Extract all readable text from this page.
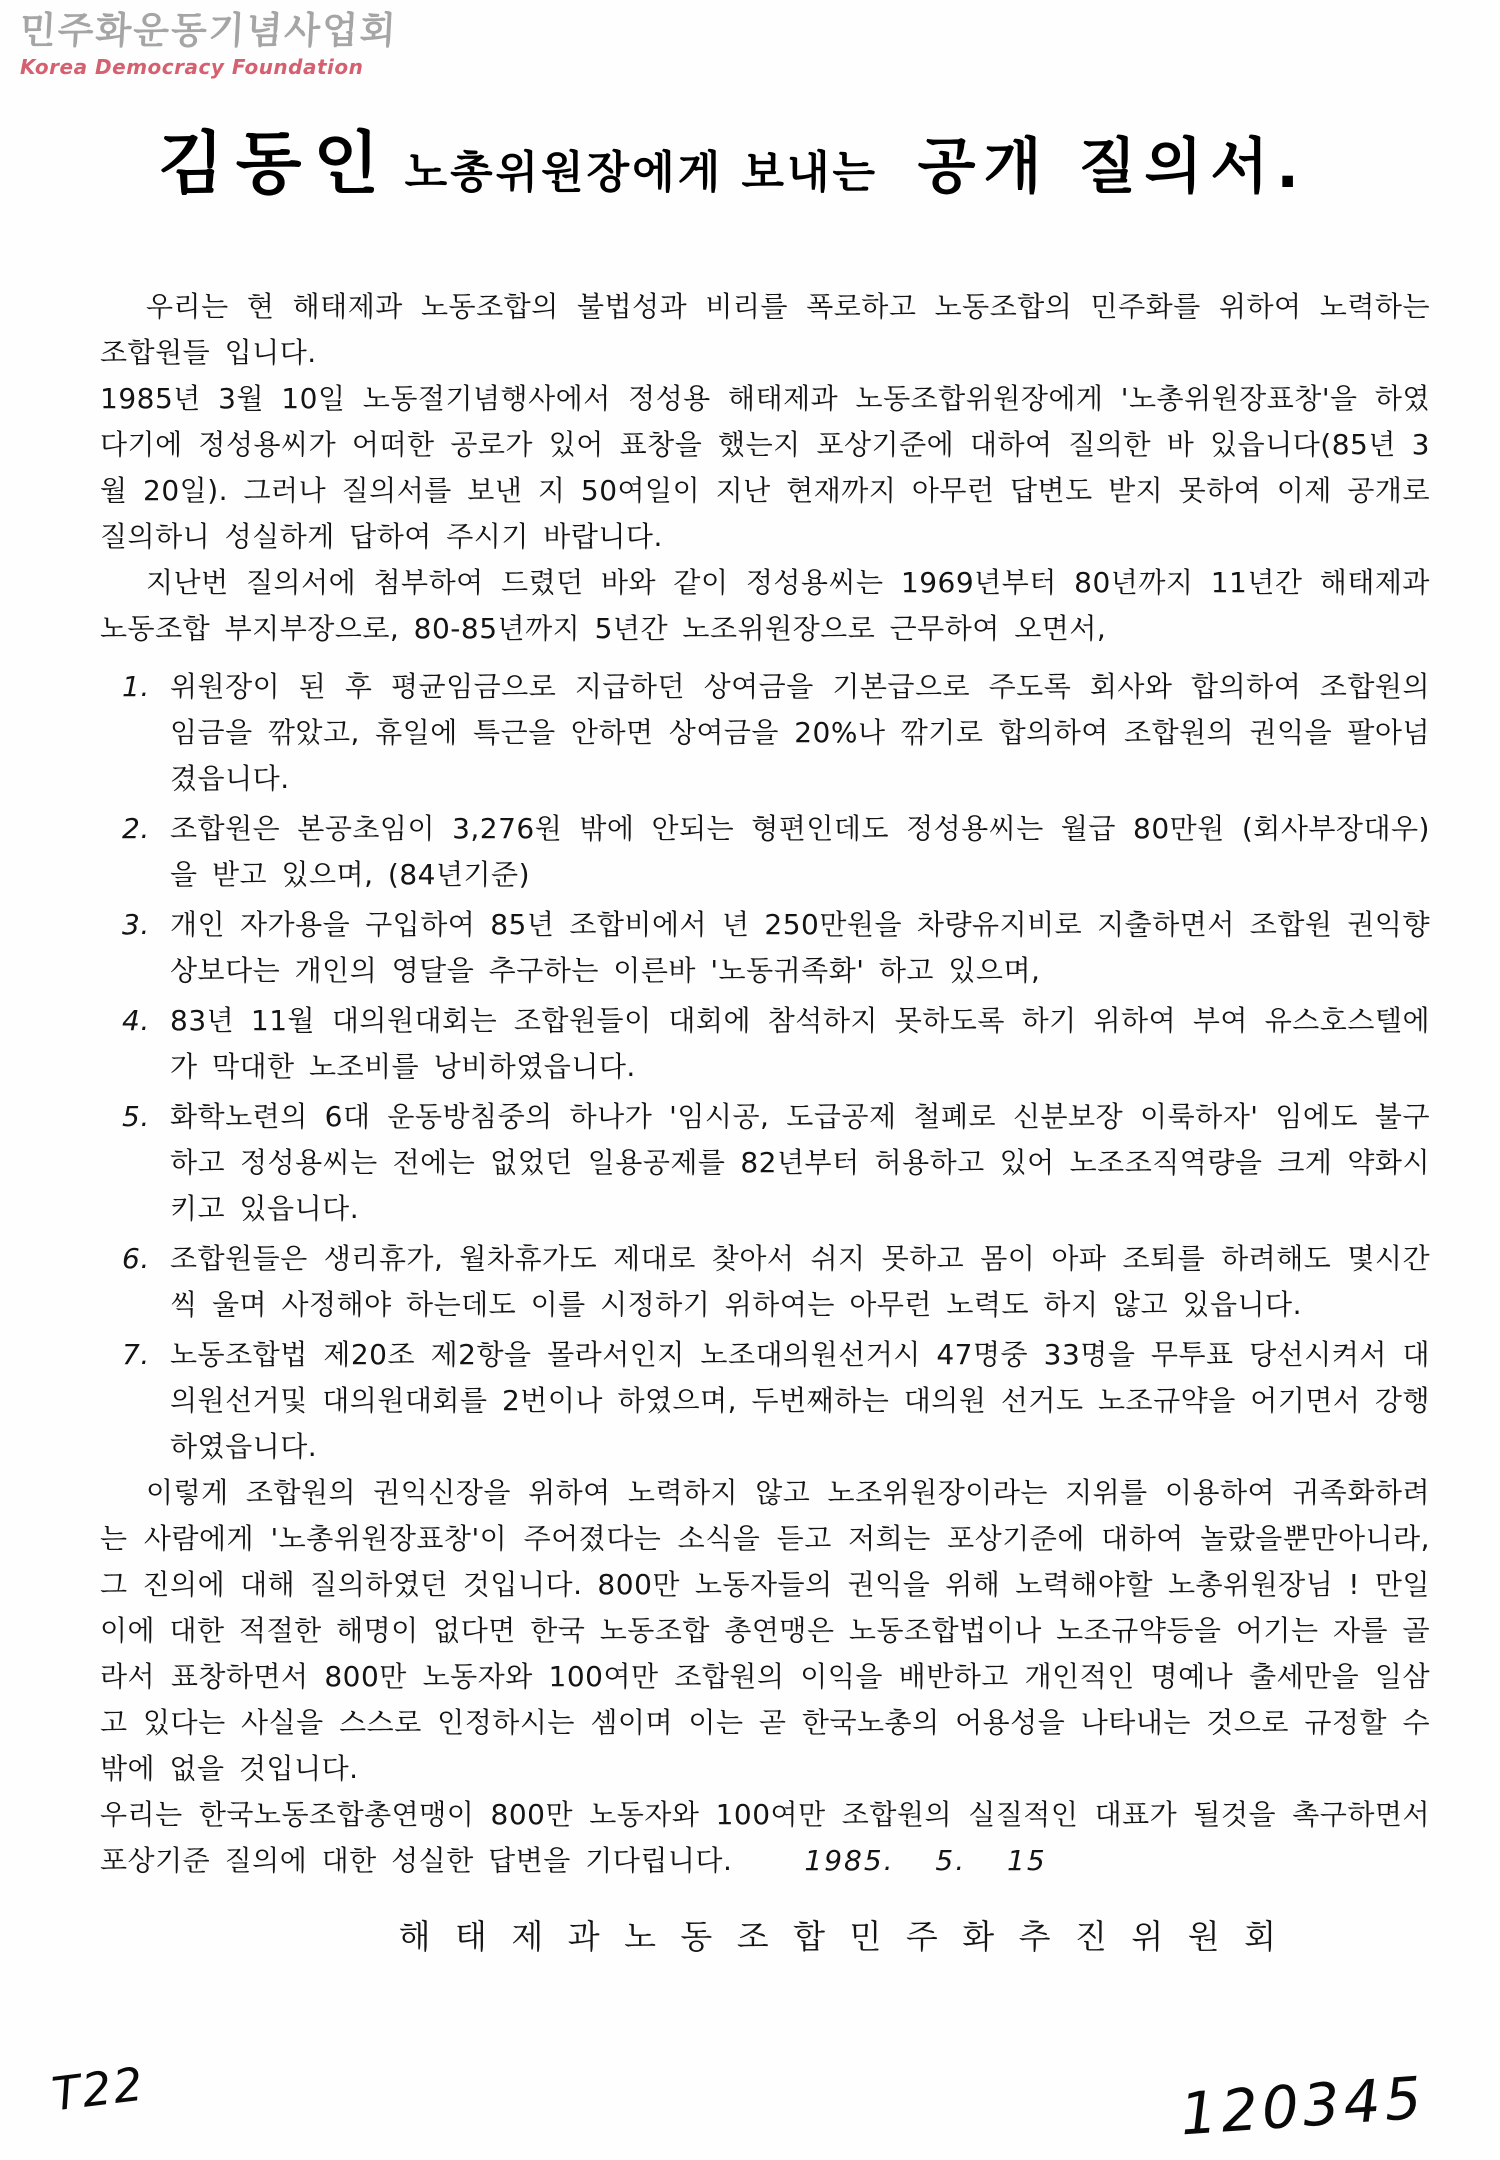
민주화운동기념사업회
Korea Democracy Foundation
김동인 노총위원장에게 보내는 공개 질의서.

우리는 현 해태제과 노동조합의 불법성과 비리를 폭로하고 노동조합의 민주화를 위하여 노력하는 조합원들 입니다.

1985년 3월 10일 노동절기념행사에서 정성용 해태제과 노동조합위원장에게 '노총위원장표창'을 하였다기에 정성용씨가 어떠한 공로가 있어 표창을 했는지 포상기준에 대하여 질의한 바 있읍니다(85년 3월 20일). 그러나 질의서를 보낸 지 50여일이 지난 현재까지 아무런 답변도 받지 못하여 이제 공개로 질의하니 성실하게 답하여 주시기 바랍니다.

지난번 질의서에 첨부하여 드렸던 바와 같이 정성용씨는 1969년부터 80년까지 11년간 해태제과 노동조합 부지부장으로, 80-85년까지 5년간 노조위원장으로 근무하여 오면서,

1. 위원장이 된 후 평균임금으로 지급하던 상여금을 기본급으로 주도록 회사와 합의하여 조합원의 임금을 깎았고, 휴일에 특근을 안하면 상여금을 20%나 깎기로 합의하여 조합원의 권익을 팔아넘겼읍니다.
2. 조합원은 본공초임이 3,276원 밖에 안되는 형편인데도 정성용씨는 월급 80만원 (회사부장대우)을 받고 있으며, (84년기준)
3. 개인 자가용을 구입하여 85년 조합비에서 년 250만원을 차량유지비로 지출하면서 조합원 권익향상보다는 개인의 영달을 추구하는 이른바 '노동귀족화' 하고 있으며,
4. 83년 11월 대의원대회는 조합원들이 대회에 참석하지 못하도록 하기 위하여 부여 유스호스텔에 가 막대한 노조비를 낭비하였읍니다.
5. 화학노련의 6대 운동방침중의 하나가 '임시공, 도급공제 철폐로 신분보장 이룩하자' 임에도 불구하고 정성용씨는 전에는 없었던 일용공제를 82년부터 허용하고 있어 노조조직역량을 크게 약화시키고 있읍니다.
6. 조합원들은 생리휴가, 월차휴가도 제대로 찾아서 쉬지 못하고 몸이 아파 조퇴를 하려해도 몇시간씩 울며 사정해야 하는데도 이를 시정하기 위하여는 아무런 노력도 하지 않고 있읍니다.
7. 노동조합법 제20조 제2항을 몰라서인지 노조대의원선거시 47명중 33명을 무투표 당선시켜서 대의원선거및 대의원대회를 2번이나 하였으며, 두번째하는 대의원 선거도 노조규약을 어기면서 강행하였읍니다.

이렇게 조합원의 권익신장을 위하여 노력하지 않고 노조위원장이라는 지위를 이용하여 귀족화하려는 사람에게 '노총위원장표창'이 주어졌다는 소식을 듣고 저희는 포상기준에 대하여 놀랐을뿐만아니라, 그 진의에 대해 질의하였던 것입니다. 800만 노동자들의 권익을 위해 노력해야할 노총위원장님 ! 만일 이에 대한 적절한 해명이 없다면 한국 노동조합 총연맹은 노동조합법이나 노조규약등을 어기는 자를 골라서 표창하면서 800만 노동자와 100여만 조합원의 이익을 배반하고 개인적인 명예나 출세만을 일삼고 있다는 사실을 스스로 인정하시는 셈이며 이는 곧 한국노총의 어용성을 나타내는 것으로 규정할 수 밖에 없을 것입니다.

우리는 한국노동조합총연맹이 800만 노동자와 100여만 조합원의 실질적인 대표가 될것을 촉구하면서 포상기준 질의에 대한 성실한 답변을 기다립니다.	1985. 5. 15

해 태 제 과 노 동 조 합 민 주 화 추 진 위 원 회
T22	120345
